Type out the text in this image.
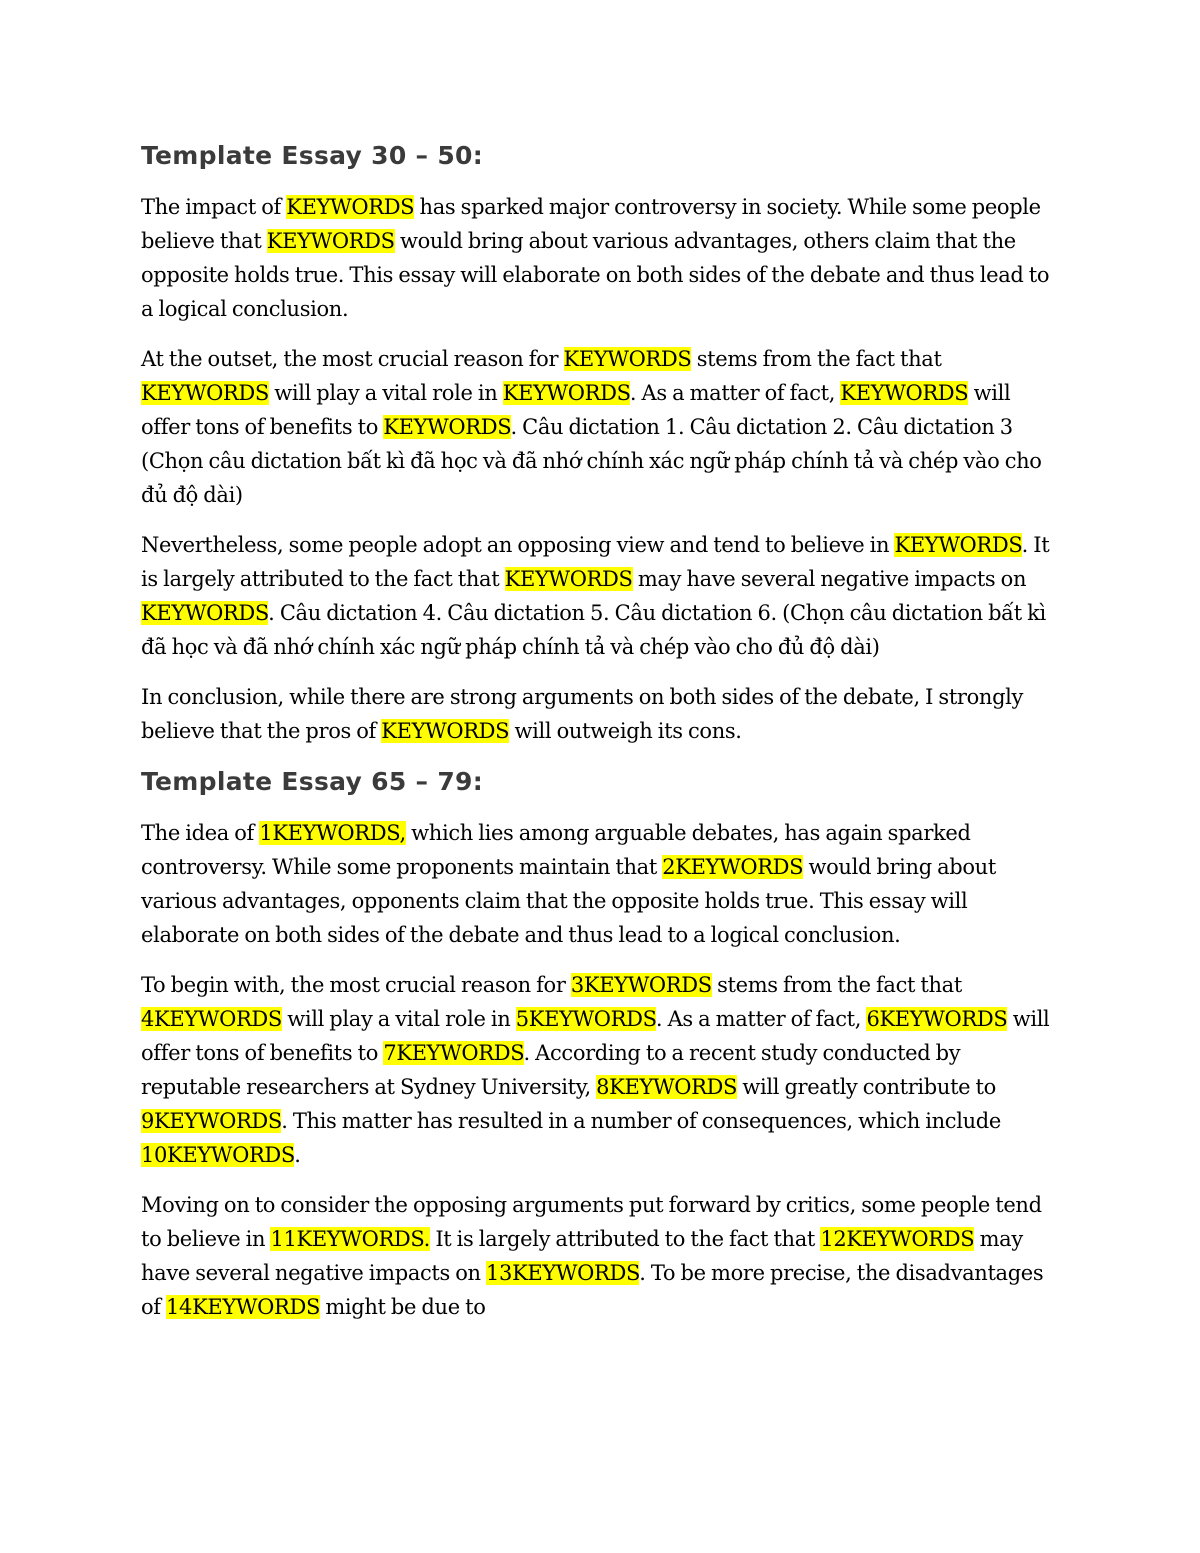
Template Essay 30 – 50:

The impact of KEYWORDS has sparked major controversy in society. While some people believe that KEYWORDS would bring about various advantages, others claim that the opposite holds true. This essay will elaborate on both sides of the debate and thus lead to a logical conclusion.

At the outset, the most crucial reason for KEYWORDS stems from the fact that KEYWORDS will play a vital role in KEYWORDS. As a matter of fact, KEYWORDS will offer tons of benefits to KEYWORDS. Câu dictation 1. Câu dictation 2. Câu dictation 3 (Chọn câu dictation bất kì đã học và đã nhớ chính xác ngữ pháp chính tả và chép vào cho đủ độ dài)

Nevertheless, some people adopt an opposing view and tend to believe in KEYWORDS. It is largely attributed to the fact that KEYWORDS may have several negative impacts on KEYWORDS. Câu dictation 4. Câu dictation 5. Câu dictation 6. (Chọn câu dictation bất kì đã học và đã nhớ chính xác ngữ pháp chính tả và chép vào cho đủ độ dài)

In conclusion, while there are strong arguments on both sides of the debate, I strongly believe that the pros of KEYWORDS will outweigh its cons.

Template Essay 65 – 79:

The idea of 1KEYWORDS, which lies among arguable debates, has again sparked controversy. While some proponents maintain that 2KEYWORDS would bring about various advantages, opponents claim that the opposite holds true. This essay will elaborate on both sides of the debate and thus lead to a logical conclusion.

To begin with, the most crucial reason for 3KEYWORDS stems from the fact that 4KEYWORDS will play a vital role in 5KEYWORDS. As a matter of fact, 6KEYWORDS will offer tons of benefits to 7KEYWORDS. According to a recent study conducted by reputable researchers at Sydney University, 8KEYWORDS will greatly contribute to 9KEYWORDS. This matter has resulted in a number of consequences, which include 10KEYWORDS.

Moving on to consider the opposing arguments put forward by critics, some people tend to believe in 11KEYWORDS. It is largely attributed to the fact that 12KEYWORDS may have several negative impacts on 13KEYWORDS. To be more precise, the disadvantages of 14KEYWORDS might be due to
